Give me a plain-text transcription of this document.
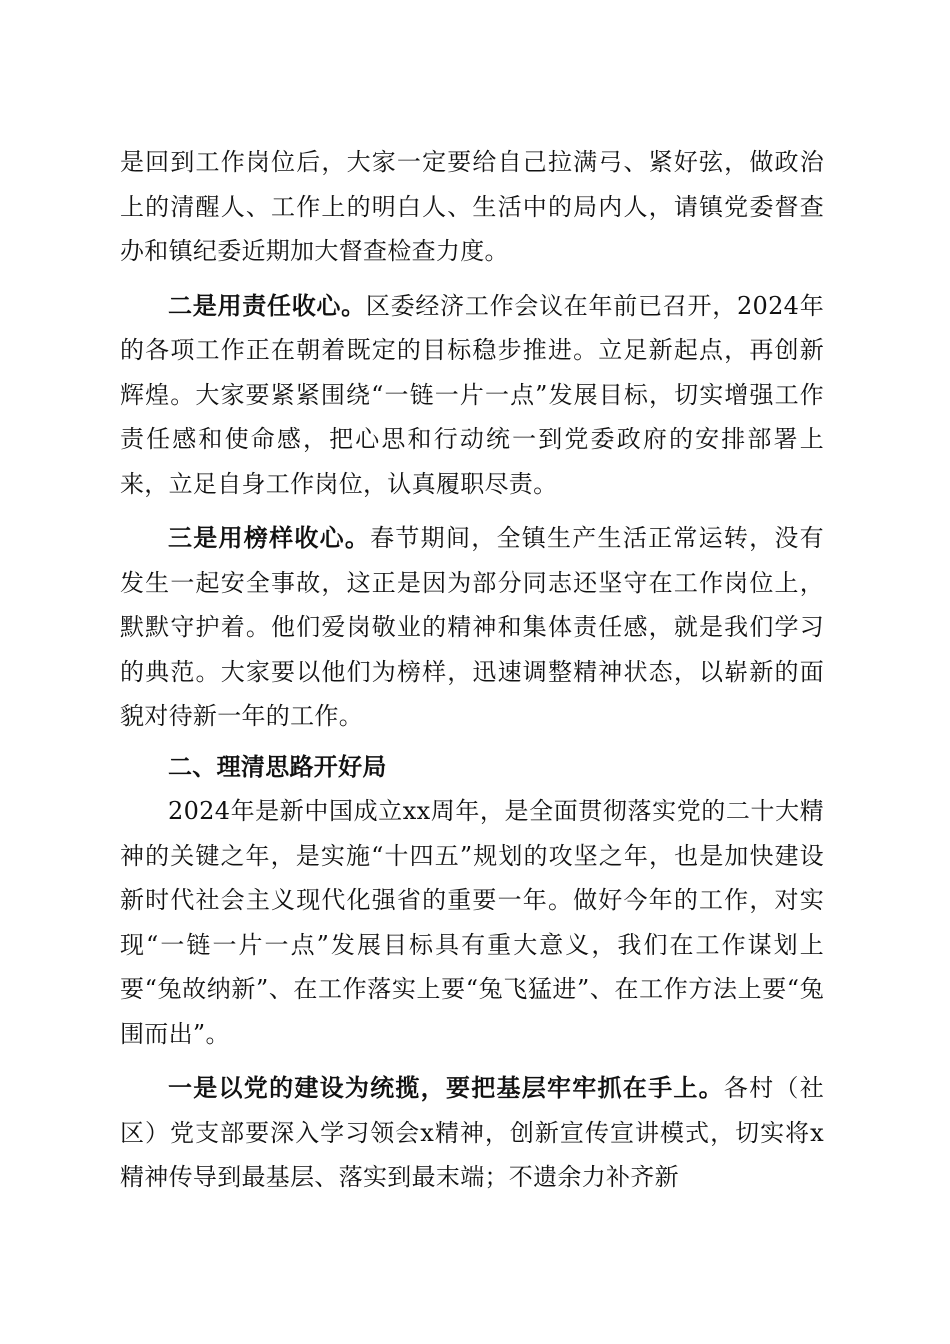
是回到工作岗位后，大家一定要给自己拉满弓、紧好弦，做政治上的清醒人、工作上的明白人、生活中的局内人，请镇党委督查办和镇纪委近期加大督查检查力度。

二是用责任收心。区委经济工作会议在年前已召开，2024年的各项工作正在朝着既定的目标稳步推进。立足新起点，再创新辉煌。大家要紧紧围绕“一链一片一点”发展目标，切实增强工作责任感和使命感，把心思和行动统一到党委政府的安排部署上来，立足自身工作岗位，认真履职尽责。

三是用榜样收心。春节期间，全镇生产生活正常运转，没有发生一起安全事故，这正是因为部分同志还坚守在工作岗位上，默默守护着。他们爱岗敬业的精神和集体责任感，就是我们学习的典范。大家要以他们为榜样，迅速调整精神状态，以崭新的面貌对待新一年的工作。

二、理清思路开好局

2024年是新中国成立xx周年，是全面贯彻落实党的二十大精神的关键之年，是实施“十四五”规划的攻坚之年，也是加快建设新时代社会主义现代化强省的重要一年。做好今年的工作，对实现“一链一片一点”发展目标具有重大意义，我们在工作谋划上要“兔故纳新”、在工作落实上要“兔飞猛进”、在工作方法上要“兔围而出”。

一是以党的建设为统揽，要把基层牢牢抓在手上。各村（社区）党支部要深入学习领会x精神，创新宣传宣讲模式，切实将x精神传导到最基层、落实到最末端；不遗余力补齐新
